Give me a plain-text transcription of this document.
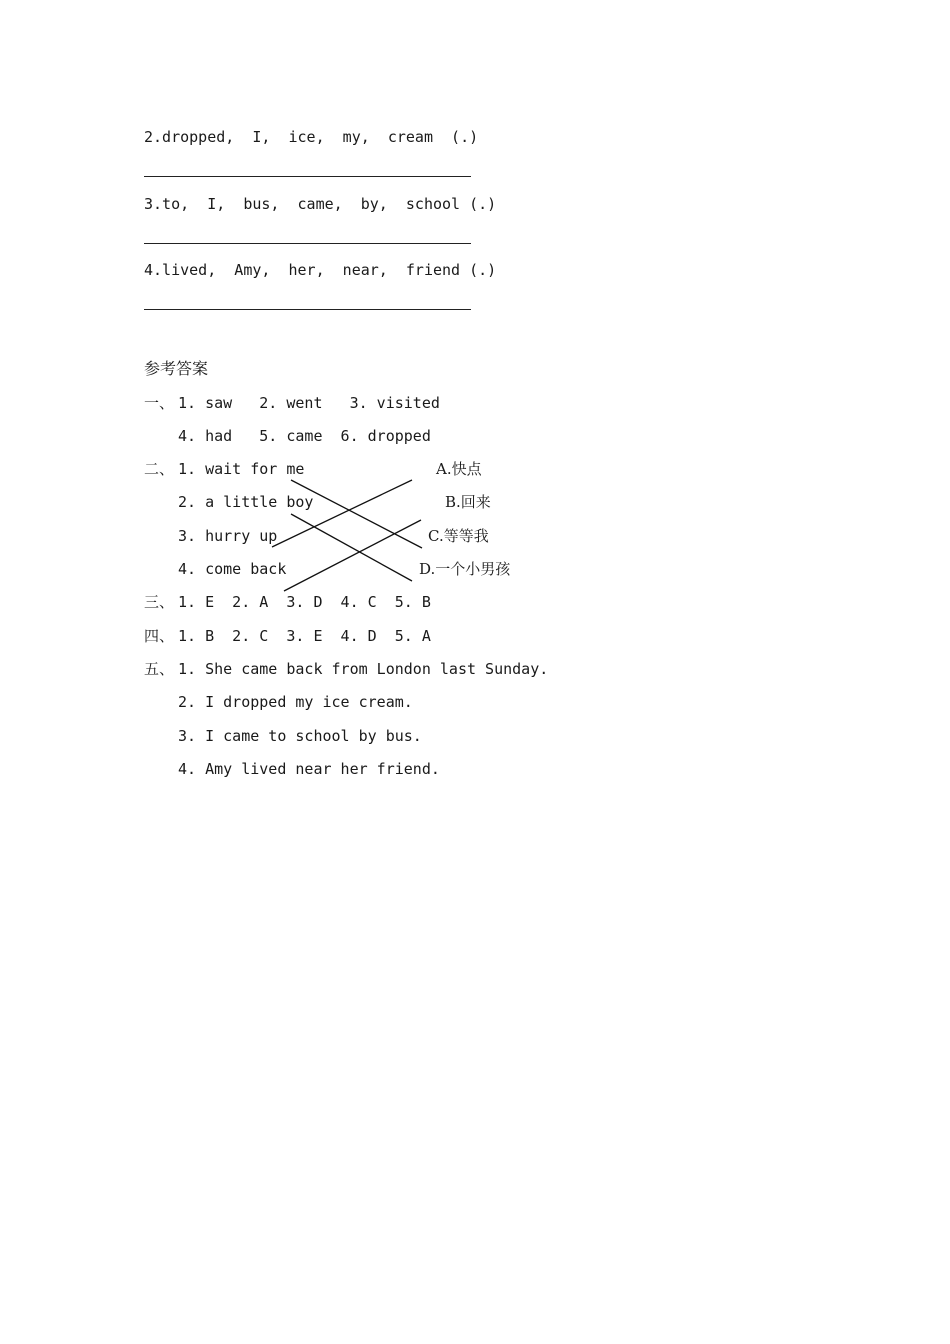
2.dropped,  I,  ice,  my,  cream  (.)
3.to,  I,  bus,  came,  by,  school (.)
4.lived,  Amy,  her,  near,  friend (.)
参考答案
一、 1. saw   2. went   3. visited
4. had   5. came  6. dropped
二、 1. wait for me
2. a little boy
3. hurry up
4. come back
A.快点
B.回来
C.等等我
D.一个小男孩
三、 1. E  2. A  3. D  4. C  5. B
四、 1. B  2. C  3. E  4. D  5. A
五、 1. She came back from London last Sunday.
2. I dropped my ice cream.
3. I came to school by bus.
4. Amy lived near her friend.
